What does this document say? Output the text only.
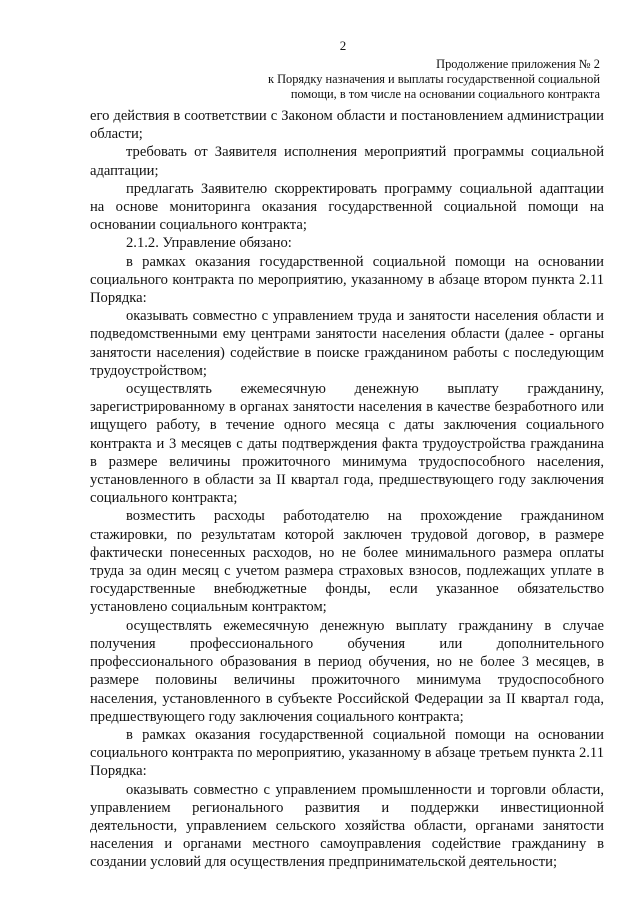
2
Продолжение приложения № 2
к Порядку назначения и выплаты государственной социальной
помощи, в том числе на основании социального контракта

его действия в соответствии с Законом области и постановлением администрации области;

требовать от Заявителя исполнения мероприятий программы социальной адаптации;

предлагать Заявителю скорректировать программу социальной адаптации на основе мониторинга оказания государственной социальной помощи на основании социального контракта;

2.1.2. Управление обязано:

в рамках оказания государственной социальной помощи на основании социального контракта по мероприятию, указанному в абзаце втором пункта 2.11 Порядка:

оказывать совместно с управлением труда и занятости населения области и подведомственными ему центрами занятости населения области (далее - органы занятости населения) содействие в поиске гражданином работы с последующим трудоустройством;

осуществлять ежемесячную денежную выплату гражданину, зарегистрированному в органах занятости населения в качестве безработного или ищущего работу, в течение одного месяца с даты заключения социального контракта и 3 месяцев с даты подтверждения факта трудоустройства гражданина в размере величины прожиточного минимума трудоспособного населения, установленного в области за II квартал года, предшествующего году заключения социального контракта;

возместить расходы работодателю на прохождение гражданином стажировки, по результатам которой заключен трудовой договор, в размере фактически понесенных расходов, но не более минимального размера оплаты труда за один месяц с учетом размера страховых взносов, подлежащих уплате в государственные внебюджетные фонды, если указанное обязательство установлено социальным контрактом;

осуществлять ежемесячную денежную выплату гражданину в случае получения профессионального обучения или дополнительного профессионального образования в период обучения, но не более 3 месяцев, в размере половины величины прожиточного минимума трудоспособного населения, установленного в субъекте Российской Федерации за II квартал года, предшествующего году заключения социального контракта;

в рамках оказания государственной социальной помощи на основании социального контракта по мероприятию, указанному в абзаце третьем пункта 2.11 Порядка:

оказывать совместно с управлением промышленности и торговли области, управлением регионального развития и поддержки инвестиционной деятельности, управлением сельского хозяйства области, органами занятости населения и органами местного самоуправления содействие гражданину в создании условий для осуществления предпринимательской деятельности;
